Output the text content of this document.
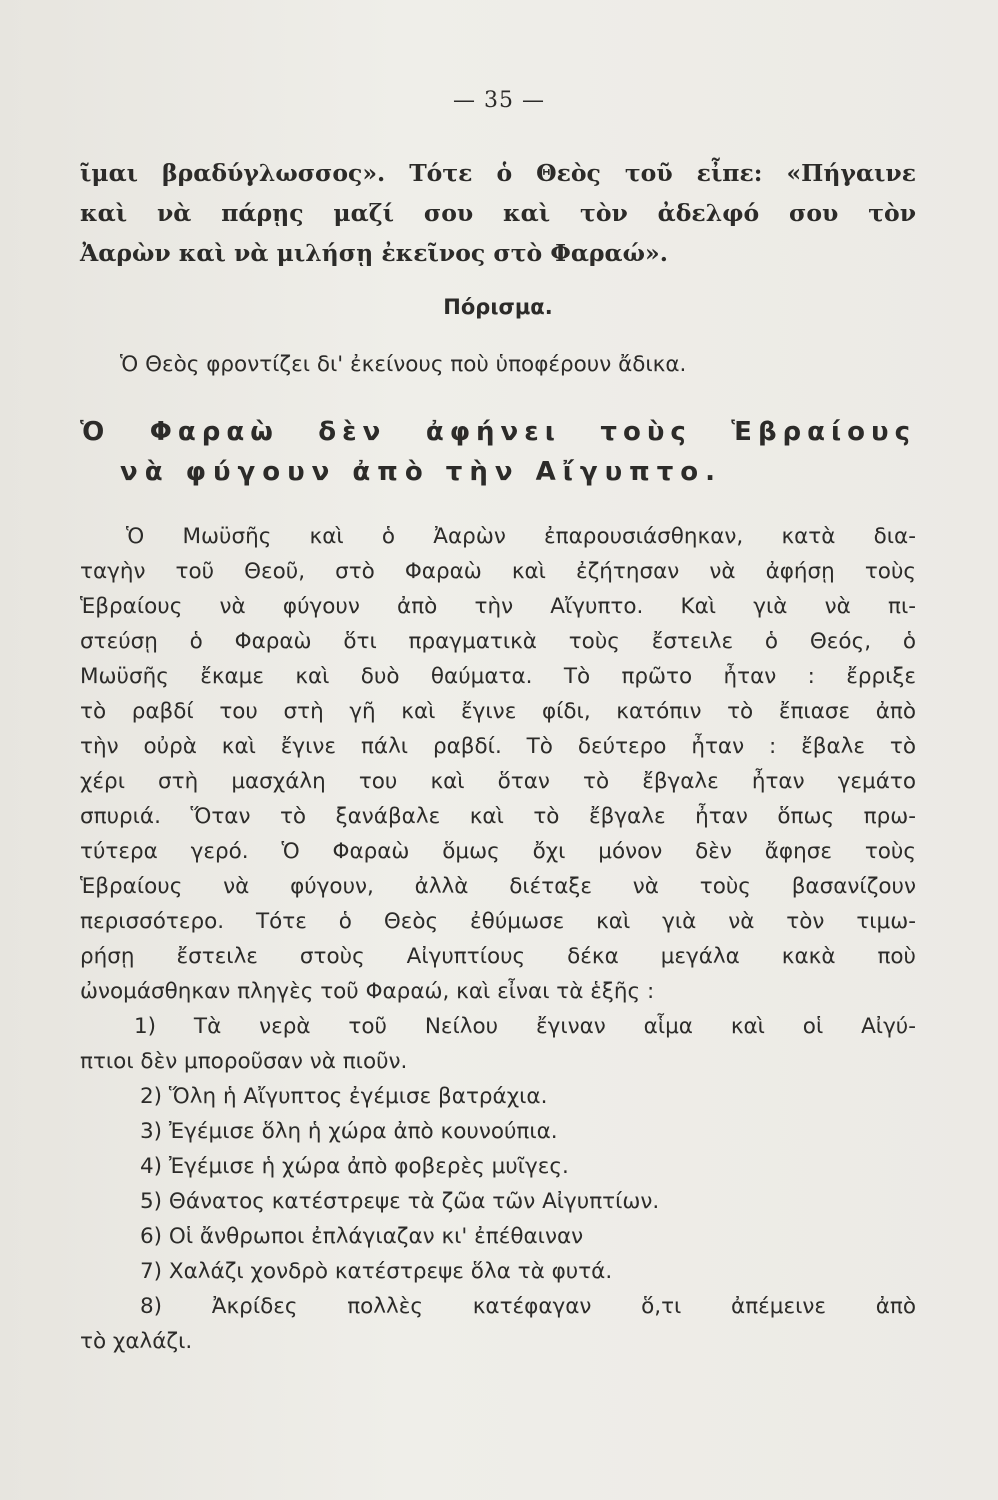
— 35 —
ῖμαι βραδύγλωσσος». Τότε ὁ Θεὸς τοῦ εἶπε: «Πήγαινε
καὶ νὰ πάρῃς μαζί σου καὶ τὸν ἀδελφό σου τὸν
Ἀαρὼν καὶ νὰ μιλήσῃ ἐκεῖνος στὸ Φαραώ».
Πόρισμα.
Ὁ Θεὸς φροντίζει δι' ἐκείνους ποὺ ὑποφέρουν ἄδικα.
Ὁ Φαραὼ δὲν ἀφήνει τοὺς Ἑβραίους
νὰ φύγουν ἀπὸ τὴν Αἴγυπτο.
Ὁ Μωϋσῆς καὶ ὁ Ἀαρὼν ἐπαρουσιάσθηκαν, κατὰ δια-
ταγὴν τοῦ Θεοῦ, στὸ Φαραὼ καὶ ἐζήτησαν νὰ ἀφήσῃ τοὺς
Ἑβραίους νὰ φύγουν ἀπὸ τὴν Αἴγυπτο. Καὶ γιὰ νὰ πι-
στεύσῃ ὁ Φαραὼ ὅτι πραγματικὰ τοὺς ἔστειλε ὁ Θεός, ὁ
Μωϋσῆς ἔκαμε καὶ δυὸ θαύματα. Τὸ πρῶτο ἦταν : ἔρριξε
τὸ ραβδί του στὴ γῆ καὶ ἔγινε φίδι, κατόπιν τὸ ἔπιασε ἀπὸ
τὴν οὐρὰ καὶ ἔγινε πάλι ραβδί. Τὸ δεύτερο ἦταν : ἔβαλε τὸ
χέρι στὴ μασχάλη του καὶ ὅταν τὸ ἔβγαλε ἦταν γεμάτο
σπυριά. Ὅταν τὸ ξανάβαλε καὶ τὸ ἔβγαλε ἦταν ὅπως πρω-
τύτερα γερό. Ὁ Φαραὼ ὅμως ὄχι μόνον δὲν ἄφησε τοὺς
Ἑβραίους νὰ φύγουν, ἀλλὰ διέταξε νὰ τοὺς βασανίζουν
περισσότερο. Τότε ὁ Θεὸς ἐθύμωσε καὶ γιὰ νὰ τὸν τιμω-
ρήσῃ ἔστειλε στοὺς Αἰγυπτίους δέκα μεγάλα κακὰ ποὺ
ὠνομάσθηκαν πληγὲς τοῦ Φαραώ, καὶ εἶναι τὰ ἑξῆς :
1) Τὰ νερὰ τοῦ Νείλου ἔγιναν αἷμα καὶ οἱ Αἰγύ-
πτιοι δὲν μποροῦσαν νὰ πιοῦν.
2) Ὅλη ἡ Αἴγυπτος ἐγέμισε βατράχια.
3) Ἐγέμισε ὅλη ἡ χώρα ἀπὸ κουνούπια.
4) Ἐγέμισε ἡ χώρα ἀπὸ φοβερὲς μυῖγες.
5) Θάνατος κατέστρεψε τὰ ζῶα τῶν Αἰγυπτίων.
6) Οἱ ἄνθρωποι ἐπλάγιαζαν κι' ἐπέθαιναν
7) Χαλάζι χονδρὸ κατέστρεψε ὅλα τὰ φυτά.
8) Ἀκρίδες πολλὲς κατέφαγαν ὅ,τι ἀπέμεινε ἀπὸ
τὸ χαλάζι.
